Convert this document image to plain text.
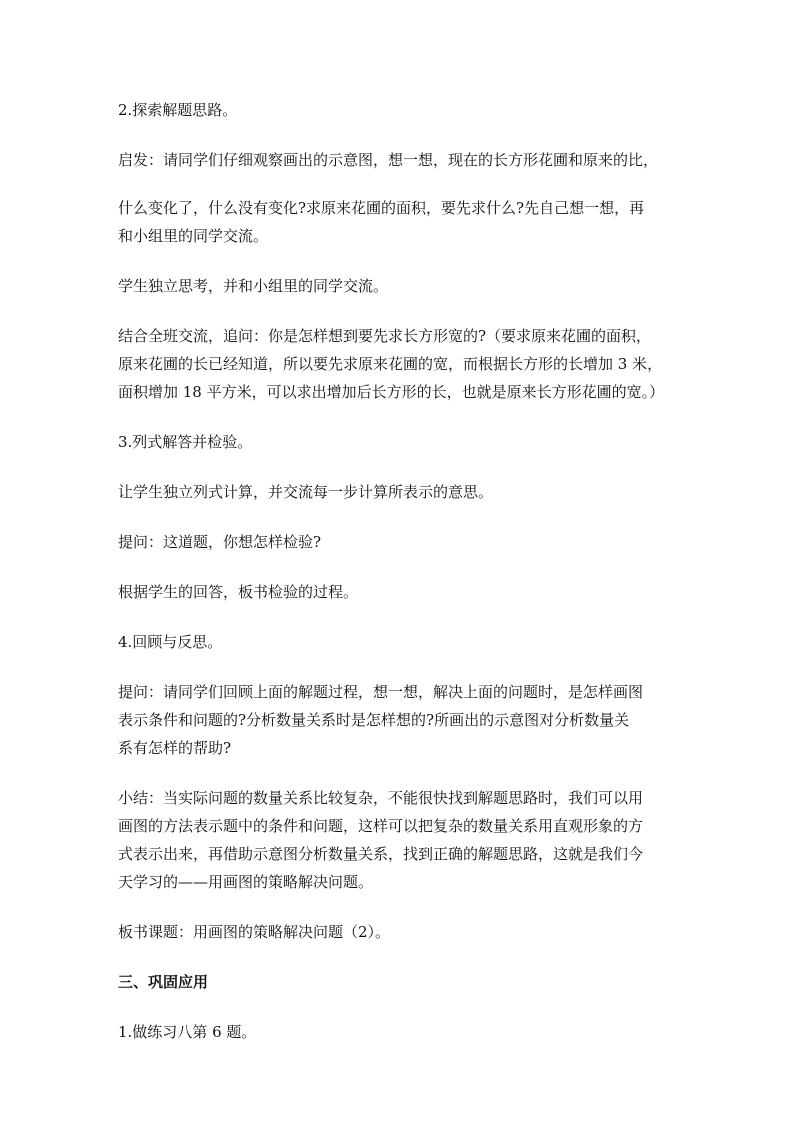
2.探索解题思路。

启发：请同学们仔细观察画出的示意图，想一想，现在的长方形花圃和原来的比，

什么变化了，什么没有变化?求原来花圃的面积，要先求什么?先自己想一想，再
和小组里的同学交流。

学生独立思考，并和小组里的同学交流。

结合全班交流，追问：你是怎样想到要先求长方形宽的?（要求原来花圃的面积，
原来花圃的长已经知道，所以要先求原来花圃的宽，而根据长方形的长增加 3 米，
面积增加 18 平方米，可以求出增加后长方形的长，也就是原来长方形花圃的宽。）

3.列式解答并检验。

让学生独立列式计算，并交流每一步计算所表示的意思。

提问：这道题，你想怎样检验?

根据学生的回答，板书检验的过程。

4.回顾与反思。

提问：请同学们回顾上面的解题过程，想一想，解决上面的问题时，是怎样画图
表示条件和问题的?分析数量关系时是怎样想的?所画出的示意图对分析数量关
系有怎样的帮助?

小结：当实际问题的数量关系比较复杂，不能很快找到解题思路时，我们可以用
画图的方法表示题中的条件和问题，这样可以把复杂的数量关系用直观形象的方
式表示出来，再借助示意图分析数量关系，找到正确的解题思路，这就是我们今
天学习的——用画图的策略解决问题。

板书课题：用画图的策略解决问题（2）。

三、巩固应用

1.做练习八第 6 题。
